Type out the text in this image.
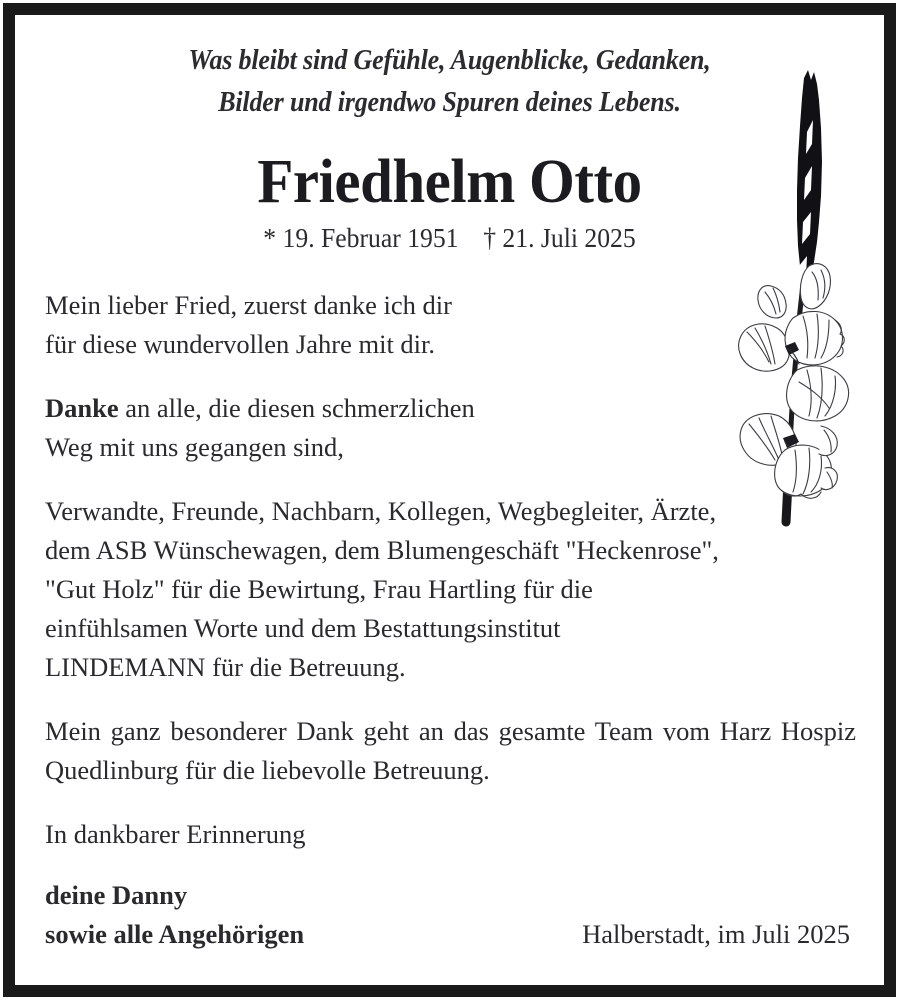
Was bleibt sind Gefühle, Augenblicke, Gedanken,
Bilder und irgendwo Spuren deines Lebens.
Friedhelm Otto
* 19. Februar 1951 † 21. Juli 2025

Mein lieber Fried, zuerst danke ich dir
für diese wundervollen Jahre mit dir.

Danke an alle, die diesen schmerzlichen
Weg mit uns gegangen sind,

Verwandte, Freunde, Nachbarn, Kollegen, Wegbegleiter, Ärzte,
dem ASB Wünschewagen, dem Blumengeschäft "Heckenrose",
"Gut Holz" für die Bewirtung, Frau Hartling für die
einfühlsamen Worte und dem Bestattungsinstitut
LINDEMANN für die Betreuung.

Mein ganz besonderer Dank geht an das gesamte Team vom Harz Hospiz Quedlinburg für die liebevolle Betreuung.

In dankbarer Erinnerung

deine Danny
sowie alle Angehörigen	Halberstadt, im Juli 2025
